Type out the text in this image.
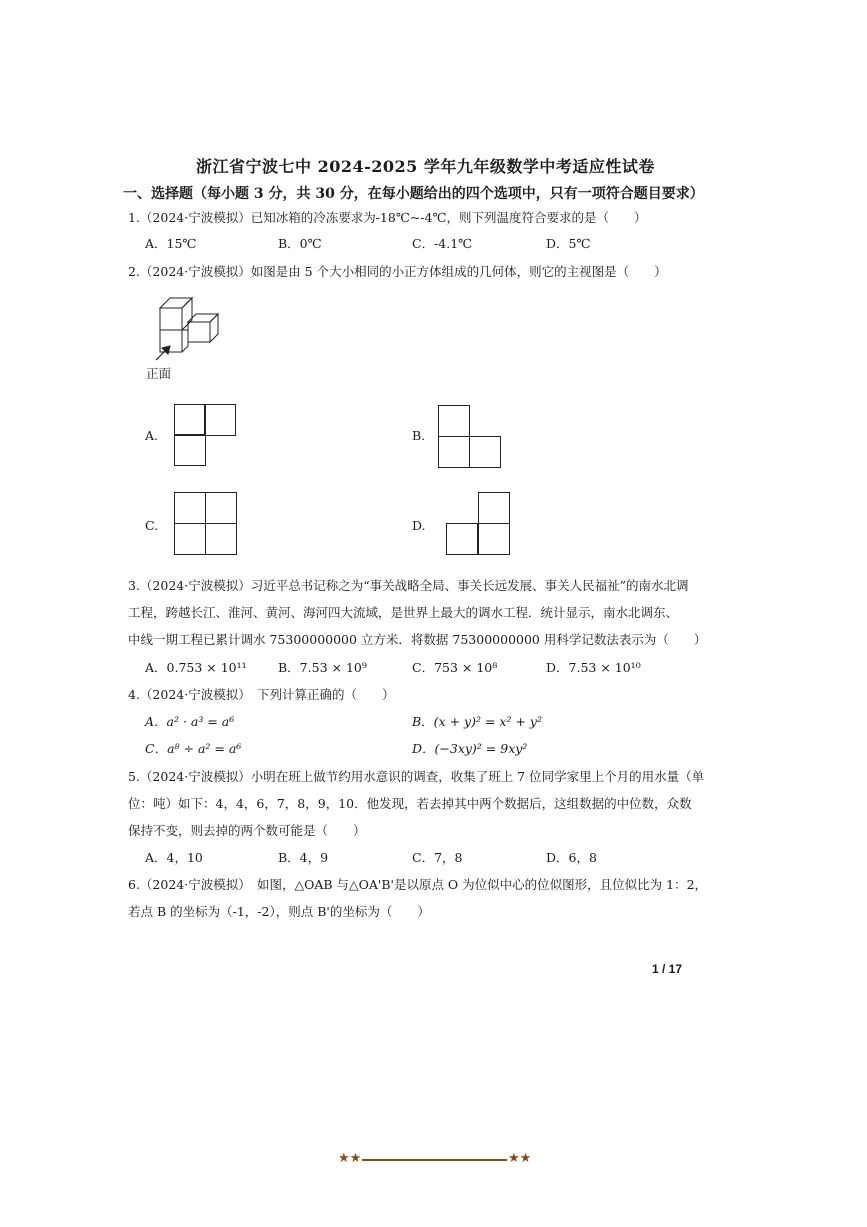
浙江省宁波七中 2024-2025 学年九年级数学中考适应性试卷
一、选择题（每小题 3 分，共 30 分，在每小题给出的四个选项中，只有一项符合题目要求）
1.（2024·宁波模拟）已知冰箱的冷冻要求为-18℃~-4℃，则下列温度符合要求的是（　　）
A．15℃	B．0℃	C．-4.1℃	D．5℃
2.（2024·宁波模拟）如图是由 5 个大小相同的小正方体组成的几何体，则它的主视图是（　　）
正面
A.	B.
C.	D.
3.（2024·宁波模拟）习近平总书记称之为“事关战略全局、事关长远发展、事关人民福祉”的南水北调
工程，跨越长江、淮河、黄河、海河四大流域，是世界上最大的调水工程．统计显示，南水北调东、
中线一期工程已累计调水 75300000000 立方米．将数据 75300000000 用科学记数法表示为（　　）
A．0.753 × 10¹¹	B．7.53 × 10⁹	C．753 × 10⁸	D．7.53 × 10¹⁰
4.（2024·宁波模拟）　下列计算正确的（　　）
A．a² · a³ = a⁶	B．(x + y)² = x² + y²
C．a⁸ ÷ a² = a⁶	D．(−3xy)² = 9xy²
5.（2024·宁波模拟）小明在班上做节约用水意识的调查，收集了班上 7 位同学家里上个月的用水量（单
位：吨）如下：4，4，6，7，8，9，10．他发现，若去掉其中两个数据后，这组数据的中位数，众数
保持不变，则去掉的两个数可能是（　　）
A．4，10	B．4，9	C．7，8	D．6，8
6.（2024·宁波模拟）　如图，△OAB 与△OA'B'是以原点 O 为位似中心的位似图形，且位似比为 1：2，
若点 B 的坐标为（-1，-2），则点 B'的坐标为（　　）
1 / 17
★★	★★
